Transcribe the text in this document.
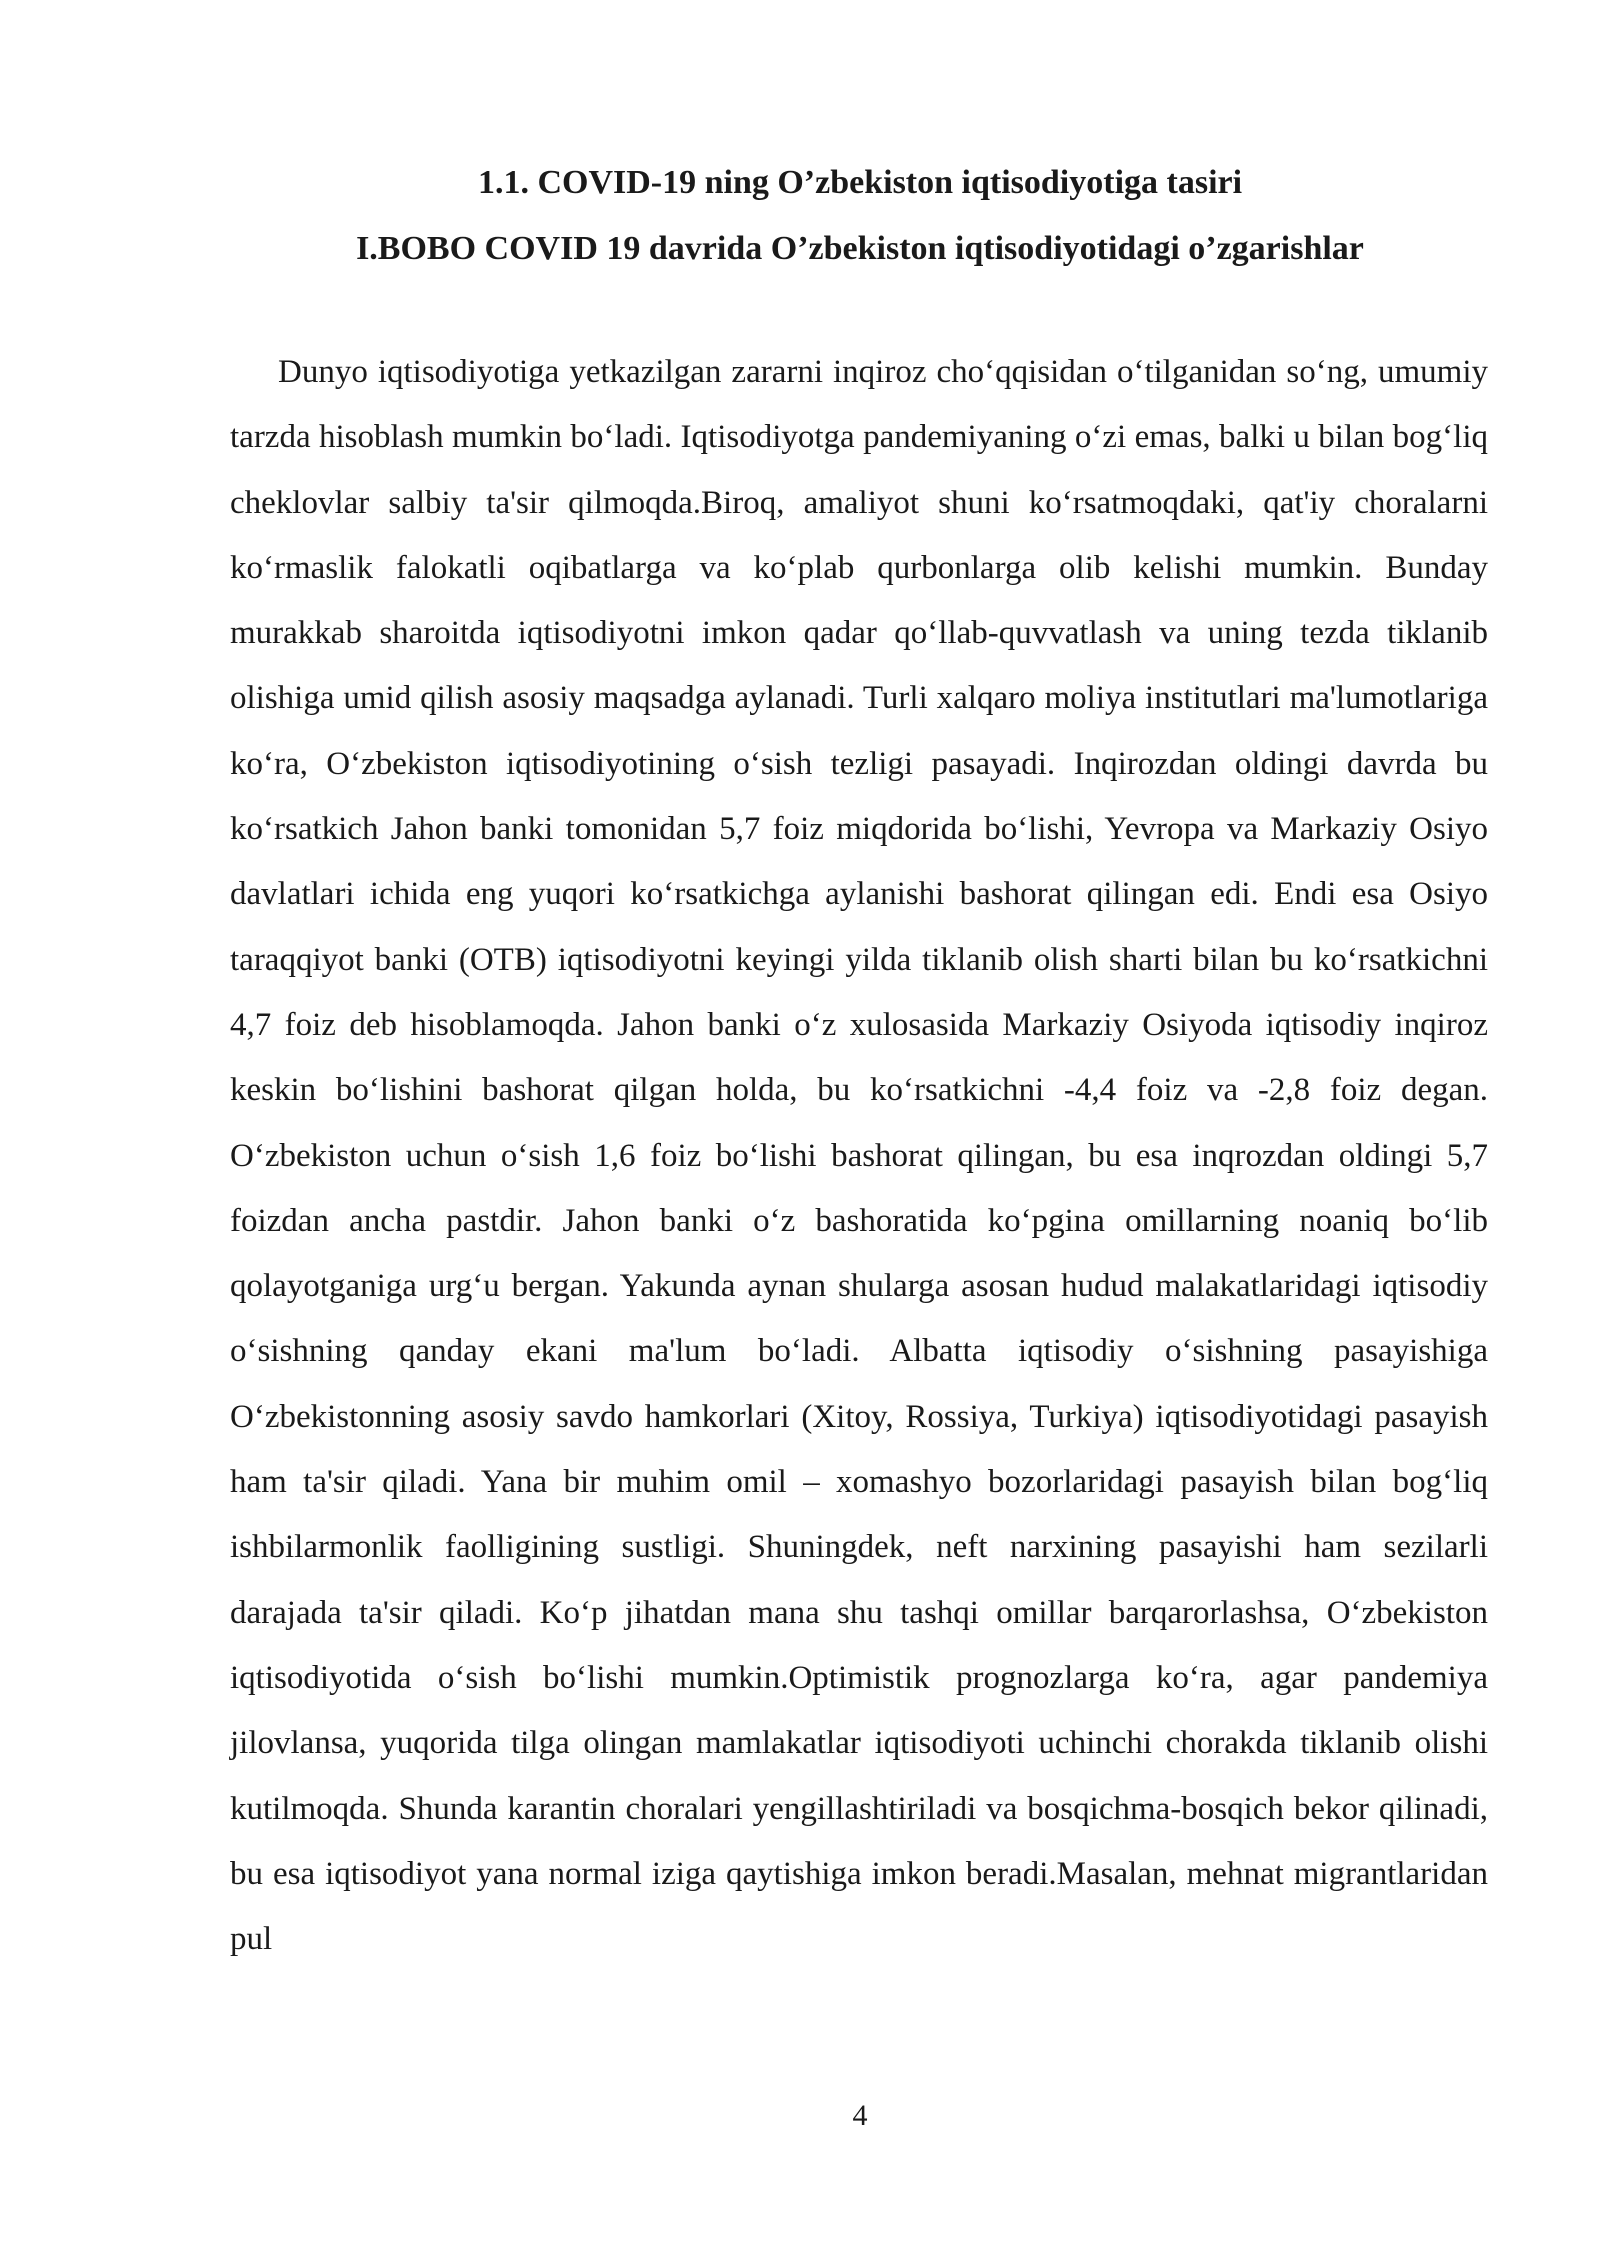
1.1. COVID-19 ning O’zbekiston iqtisodiyotiga tasiri
I.BOBO COVID 19 davrida O’zbekiston iqtisodiyotidagi o’zgarishlar

Dunyo iqtisodiyotiga yetkazilgan zararni inqiroz cho‘qqisidan o‘tilganidan so‘ng, umumiy tarzda hisoblash mumkin bo‘ladi. Iqtisodiyotga pandemiyaning o‘zi emas, balki u bilan bog‘liq cheklovlar salbiy ta'sir qilmoqda.Biroq, amaliyot shuni ko‘rsatmoqdaki, qat'iy choralarni ko‘rmaslik falokatli oqibatlarga va ko‘plab qurbonlarga olib kelishi mumkin. Bunday murakkab sharoitda iqtisodiyotni imkon qadar qo‘llab-quvvatlash va uning tezda tiklanib olishiga umid qilish asosiy maqsadga aylanadi. Turli xalqaro moliya institutlari ma'lumotlariga ko‘ra, O‘zbekiston iqtisodiyotining o‘sish tezligi pasayadi. Inqirozdan oldingi davrda bu ko‘rsatkich Jahon banki tomonidan 5,7 foiz miqdorida bo‘lishi, Yevropa va Markaziy Osiyo davlatlari ichida eng yuqori ko‘rsatkichga aylanishi bashorat qilingan edi. Endi esa Osiyo taraqqiyot banki (OTB) iqtisodiyotni keyingi yilda tiklanib olish sharti bilan bu ko‘rsatkichni 4,7 foiz deb hisoblamoqda. Jahon banki o‘z xulosasida Markaziy Osiyoda iqtisodiy inqiroz keskin bo‘lishini bashorat qilgan holda, bu ko‘rsatkichni -4,4 foiz va -2,8 foiz degan. O‘zbekiston uchun o‘sish 1,6 foiz bo‘lishi bashorat qilingan, bu esa inqrozdan oldingi 5,7 foizdan ancha pastdir. Jahon banki o‘z bashoratida ko‘pgina omillarning noaniq bo‘lib qolayotganiga urg‘u bergan. Yakunda aynan shularga asosan hudud malakatlaridagi iqtisodiy o‘sishning qanday ekani ma'lum bo‘ladi. Albatta iqtisodiy o‘sishning pasayishiga O‘zbekistonning asosiy savdo hamkorlari (Xitoy, Rossiya, Turkiya) iqtisodiyotidagi pasayish ham ta'sir qiladi. Yana bir muhim omil – xomashyo bozorlaridagi pasayish bilan bog‘liq ishbilarmonlik faolligining sustligi. Shuningdek, neft narxining pasayishi ham sezilarli darajada ta'sir qiladi. Ko‘p jihatdan mana shu tashqi omillar barqarorlashsa, O‘zbekiston iqtisodiyotida o‘sish bo‘lishi mumkin.Optimistik prognozlarga ko‘ra, agar pandemiya jilovlansa, yuqorida tilga olingan mamlakatlar iqtisodiyoti uchinchi chorakda tiklanib olishi kutilmoqda. Shunda karantin choralari yengillashtiriladi va bosqichma-bosqich bekor qilinadi, bu esa iqtisodiyot yana normal iziga qaytishiga imkon beradi.Masalan, mehnat migrantlaridan pul

4
